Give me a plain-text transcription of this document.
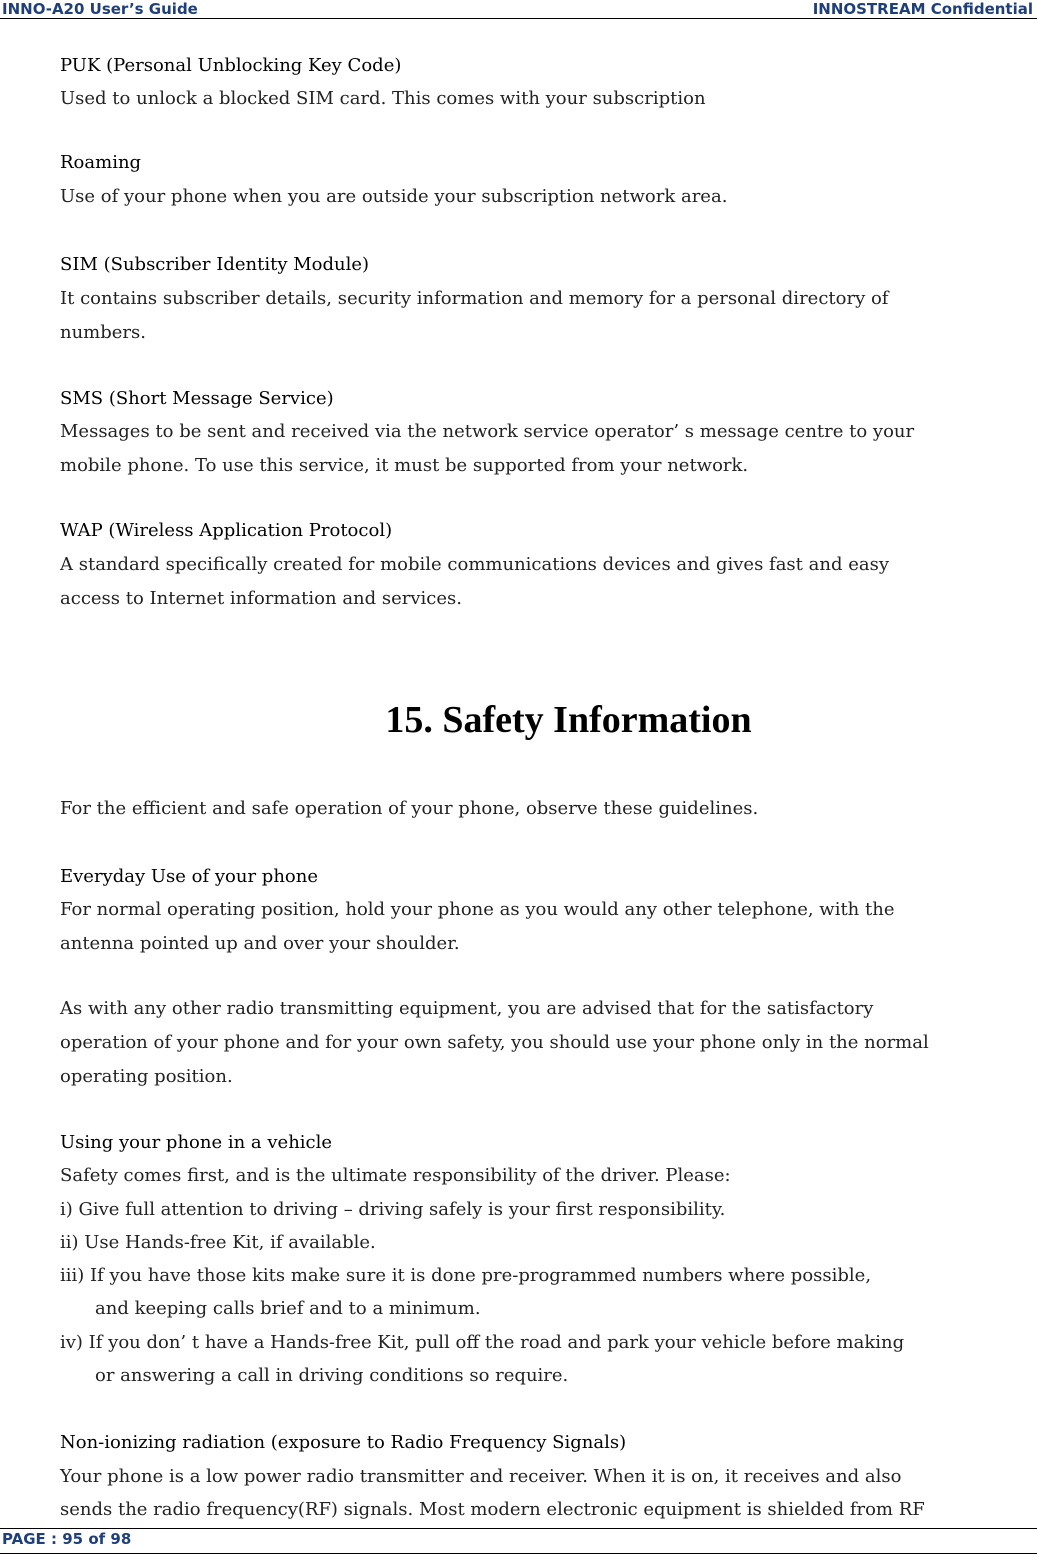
INNO-A20 User’s Guide	INNOSTREAM Confidential
PUK (Personal Unblocking Key Code)
Used to unlock a blocked SIM card. This comes with your subscription
Roaming
Use of your phone when you are outside your subscription network area.
SIM (Subscriber Identity Module)
It contains subscriber details, security information and memory for a personal directory of
numbers.
SMS (Short Message Service)
Messages to be sent and received via the network service operator’ s message centre to your
mobile phone. To use this service, it must be supported from your network.
WAP (Wireless Application Protocol)
A standard specifically created for mobile communications devices and gives fast and easy
access to Internet information and services.
15. Safety Information
For the efficient and safe operation of your phone, observe these guidelines.
Everyday Use of your phone
For normal operating position, hold your phone as you would any other telephone, with the
antenna pointed up and over your shoulder.
As with any other radio transmitting equipment, you are advised that for the satisfactory
operation of your phone and for your own safety, you should use your phone only in the normal
operating position.
Using your phone in a vehicle
Safety comes first, and is the ultimate responsibility of the driver. Please:
i) Give full attention to driving – driving safely is your first responsibility.
ii) Use Hands-free Kit, if available.
iii) If you have those kits make sure it is done pre-programmed numbers where possible,
and keeping calls brief and to a minimum.
iv) If you don’ t have a Hands-free Kit, pull off the road and park your vehicle before making
or answering a call in driving conditions so require.
Non-ionizing radiation (exposure to Radio Frequency Signals)
Your phone is a low power radio transmitter and receiver. When it is on, it receives and also
sends the radio frequency(RF) signals. Most modern electronic equipment is shielded from RF
PAGE : 95 of 98
